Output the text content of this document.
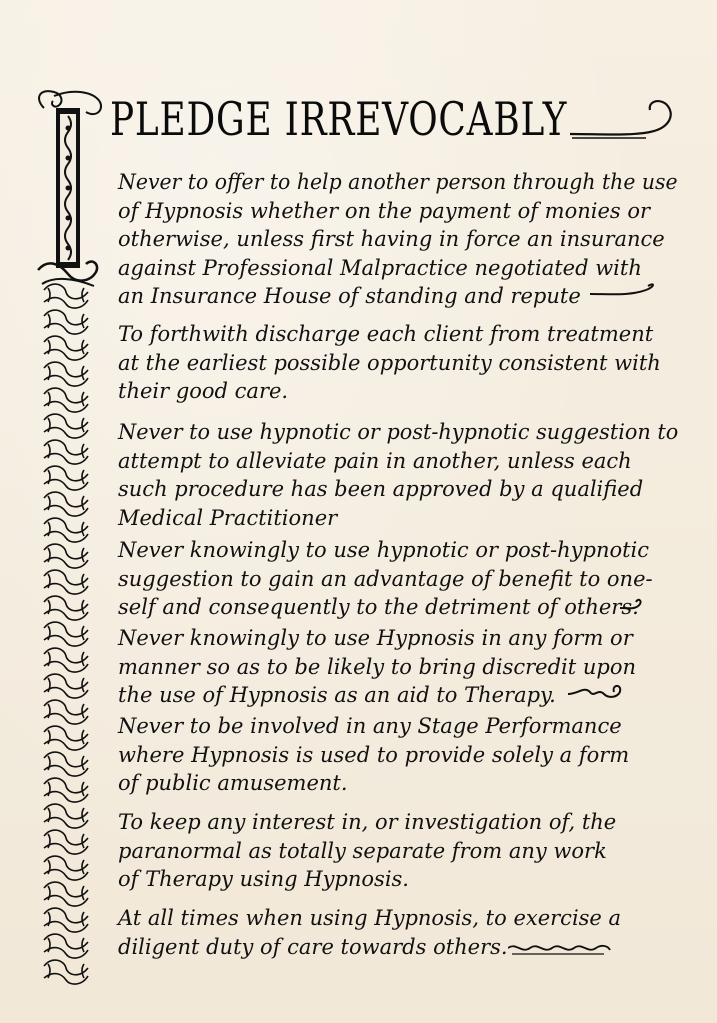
PLEDGE IRREVOCABLY
Never to offer to help another person through the use
of Hypnosis whether on the payment of monies or
otherwise, unless first having in force an insurance
against Professional Malpractice negotiated with
an Insurance House of standing and repute
To forthwith discharge each client from treatment
at the earliest possible opportunity consistent with
their good care.
Never to use hypnotic or post-hypnotic suggestion to
attempt to alleviate pain in another, unless each
such procedure has been approved by a qualified
Medical Practitioner
Never knowingly to use hypnotic or post-hypnotic
suggestion to gain an advantage of benefit to one-
self and consequently to the detriment of others.
Never knowingly to use Hypnosis in any form or
manner so as to be likely to bring discredit upon
the use of Hypnosis as an aid to Therapy.
Never to be involved in any Stage Performance
where Hypnosis is used to provide solely a form
of public amusement.
To keep any interest in, or investigation of, the
paranormal as totally separate from any work
of Therapy using Hypnosis.
At all times when using Hypnosis, to exercise a
diligent duty of care towards others.
